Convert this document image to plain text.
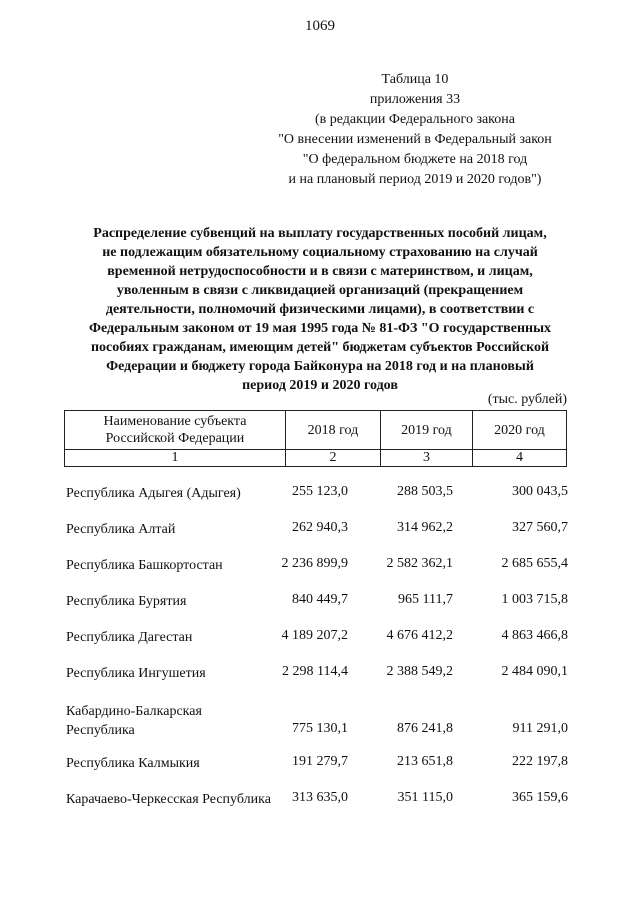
1069
Таблица 10
приложения 33
(в редакции Федерального закона
"О внесении изменений в Федеральный закон
"О федеральном бюджете на 2018 год
и на плановый период 2019 и 2020 годов")
Распределение субвенций на выплату государственных пособий лицам,
не подлежащим обязательному социальному страхованию на случай
временной нетрудоспособности и в связи с материнством, и лицам,
уволенным в связи с ликвидацией организаций (прекращением
деятельности, полномочий физическими лицами), в соответствии с
Федеральным законом от 19 мая 1995 года № 81-ФЗ "О государственных
пособиях гражданам, имеющим детей" бюджетам субъектов Российской
Федерации и бюджету города Байконура на 2018 год и на плановый
период 2019 и 2020 годов
(тыс. рублей)
Наименование субъекта
Российской Федерации	2018 год	2019 год	2020 год
1	2	3	4
Республика Адыгея (Адыгея)	255 123,0	288 503,5	300 043,5
Республика Алтай	262 940,3	314 962,2	327 560,7
Республика Башкортостан	2 236 899,9	2 582 362,1	2 685 655,4
Республика Бурятия	840 449,7	965 111,7	1 003 715,8
Республика Дагестан	4 189 207,2	4 676 412,2	4 863 466,8
Республика Ингушетия	2 298 114,4	2 388 549,2	2 484 090,1
Кабардино-Балкарская
Республика	775 130,1	876 241,8	911 291,0
Республика Калмыкия	191 279,7	213 651,8	222 197,8
Карачаево-Черкесская Республика	313 635,0	351 115,0	365 159,6
